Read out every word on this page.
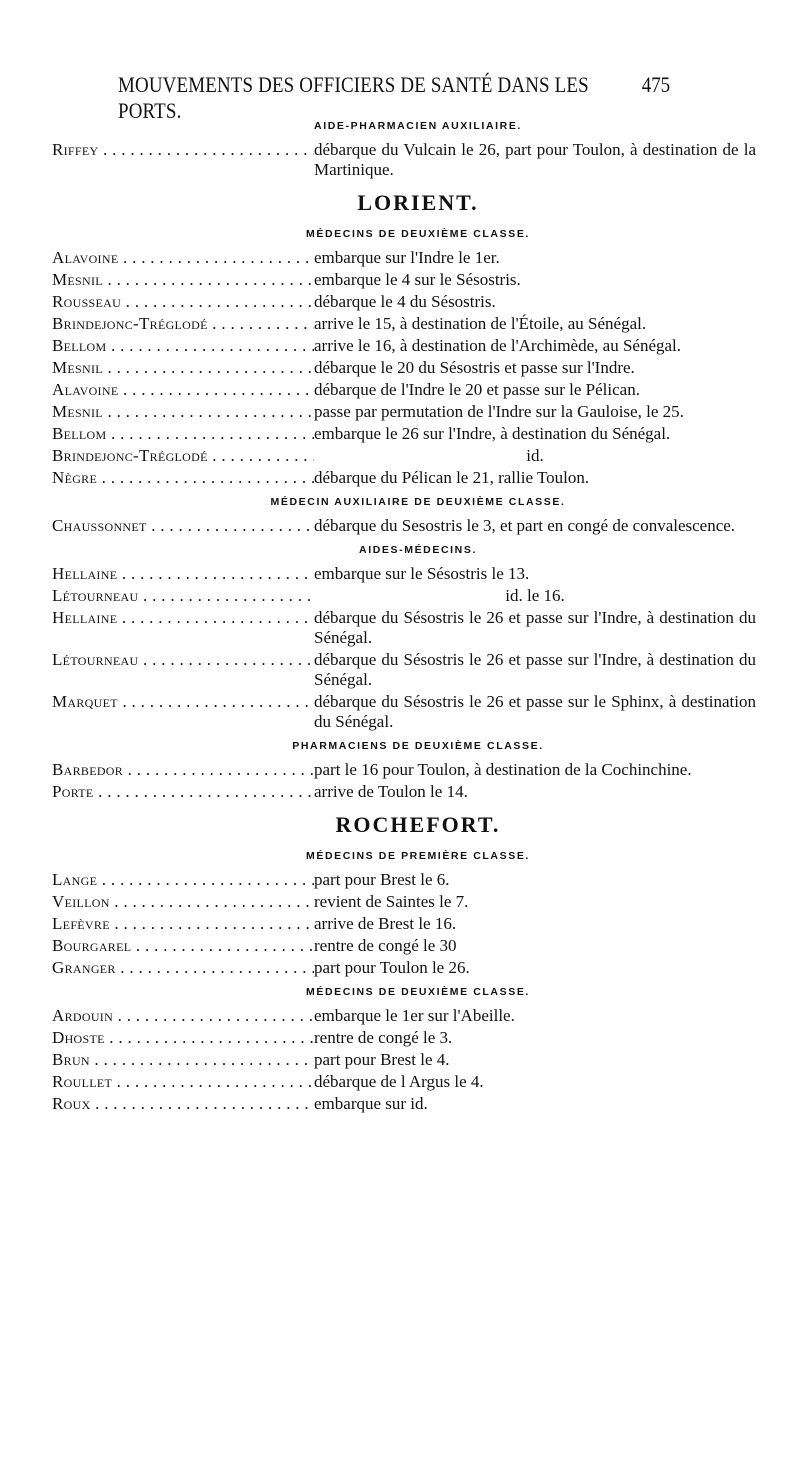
MOUVEMENTS DES OFFICIERS DE SANTÉ DANS LES PORTS.
475
AIDE-PHARMACIEN AUXILIAIRE.
Riffey . . .	débarque du Vulcain le 26, part pour Toulon, à destination de la Martinique.
LORIENT.
MÉDECINS DE DEUXIÈME CLASSE.
Alavoine . . .	embarque sur l'Indre le 1er.
Mesnil . . .	embarque le 4 sur le Sésostris.
Rousseau . . .	débarque le 4 du Sésostris.
Brindejonc-Tréglodé . . .	arrive le 15, à destination de l'Étoile, au Sénégal.
Bellom . . .	arrive le 16, à destination de l'Archimède, au Sénégal.
Mesnil . . .	débarque le 20 du Sésostris et passe sur l'Indre.
Alavoine . . .	débarque de l'Indre le 20 et passe sur le Pélican.
Mesnil . . .	passe par permutation de l'Indre sur la Gauloise, le 25.
Bellom . . .	embarque le 26 sur l'Indre, à destination du Sénégal.
Brindejonc-Tréglodé . . .	id.
Nègre . . .	débarque du Pélican le 21, rallie Toulon.
MÉDECIN AUXILIAIRE DE DEUXIÈME CLASSE.
Chaussonnet . . .	débarque du Sesostris le 3, et part en congé de convalescence.
AIDES-MÉDECINS.
Hellaine . . .	embarque sur le Sésostris le 13.
Létourneau . . .	id. le 16.
Hellaine . . .	débarque du Sésostris le 26 et passe sur l'Indre, à destination du Sénégal.
Létourneau . . .	débarque du Sésostris le 26 et passe sur l'Indre, à destination du Sénégal.
Marquet . . .	débarque du Sésostris le 26 et passe sur le Sphinx, à destination du Sénégal.
PHARMACIENS DE DEUXIÈME CLASSE.
Barbedor . . .	part le 16 pour Toulon, à destination de la Cochinchine.
Porte . . .	arrive de Toulon le 14.
ROCHEFORT.
MÉDECINS DE PREMIÈRE CLASSE.
Lange . . .	part pour Brest le 6.
Veillon . . .	revient de Saintes le 7.
Lefèvre . . .	arrive de Brest le 16.
Bourgarel . . .	rentre de congé le 30
Granger . . .	part pour Toulon le 26.
MÉDECINS DE DEUXIÈME CLASSE.
Ardouin . . .	embarque le 1er sur l'Abeille.
Dhoste . . .	rentre de congé le 3.
Brun . . .	part pour Brest le 4.
Roullet . . .	débarque de l Argus le 4.
Roux . . .	embarque sur id.
